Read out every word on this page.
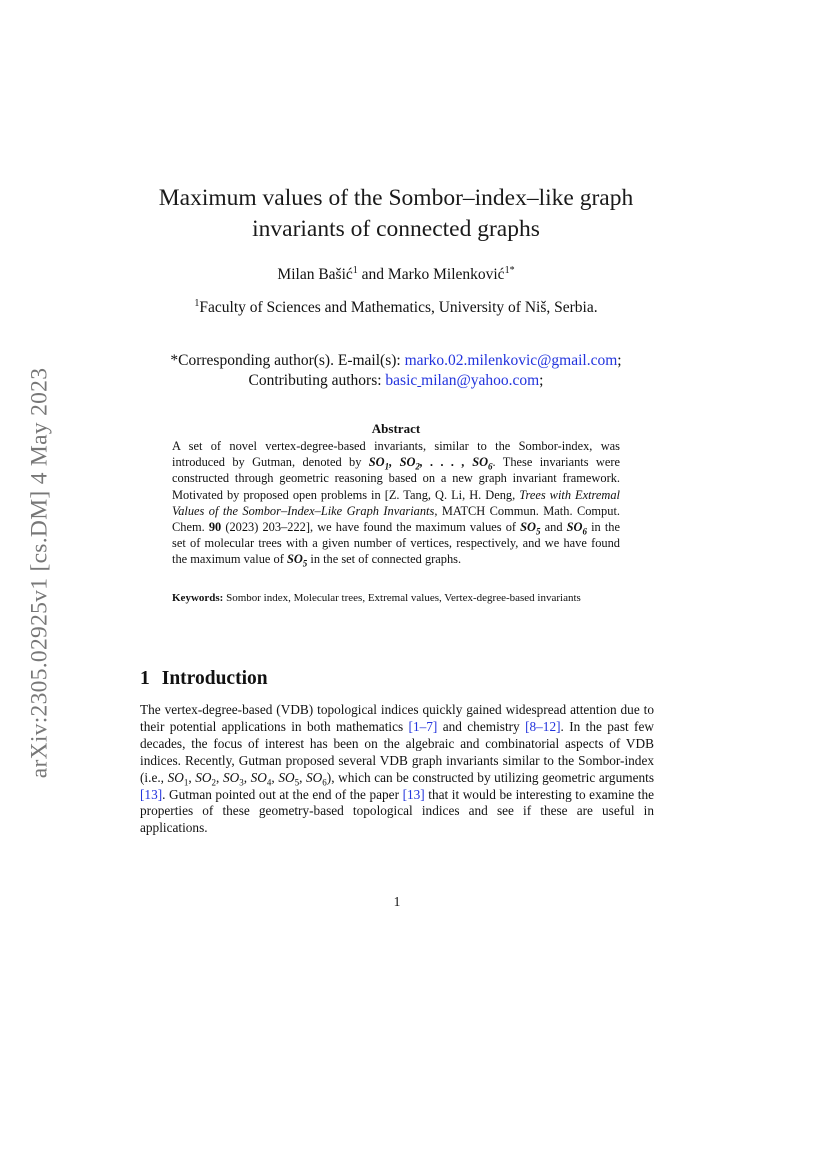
arXiv:2305.02925v1 [cs.DM] 4 May 2023
Maximum values of the Sombor–index–like graph
invariants of connected graphs
Milan Bašić$^1$ and Marko Milenković$^{1*}$
$^1$Faculty of Sciences and Mathematics, University of Niš, Serbia.
*Corresponding author(s). E-mail(s): marko.02.milenkovic@gmail.com;
Contributing authors: basic milan@yahoo.com;
Abstract
A set of novel vertex-degree-based invariants, similar to the Sombor-index, was introduced by Gutman, denoted by $SO_1$, $SO_2$, . . . , $SO_6$. These invariants were constructed through geometric reasoning based on a new graph invariant framework. Motivated by proposed open problems in [Z. Tang, Q. Li, H. Deng, Trees with Extremal Values of the Sombor–Index–Like Graph Invariants, MATCH Commun. Math. Comput. Chem. 90 (2023) 203–222], we have found the maximum values of $SO_5$ and $SO_6$ in the set of molecular trees with a given number of vertices, respectively, and we have found the maximum value of $SO_5$ in the set of connected graphs.
Keywords: Sombor index, Molecular trees, Extremal values, Vertex-degree-based invariants
1 Introduction
The vertex-degree-based (VDB) topological indices quickly gained widespread attention due to their potential applications in both mathematics [1–7] and chemistry [8–12]. In the past few decades, the focus of interest has been on the algebraic and combinatorial aspects of VDB indices. Recently, Gutman proposed several VDB graph invariants similar to the Sombor-index (i.e., $SO_1$, $SO_2$, $SO_3$, $SO_4$, $SO_5$, $SO_6$), which can be constructed by utilizing geometric arguments [13]. Gutman pointed out at the end of the paper [13] that it would be interesting to examine the properties of these geometry-based topological indices and see if these are useful in applications.
1
